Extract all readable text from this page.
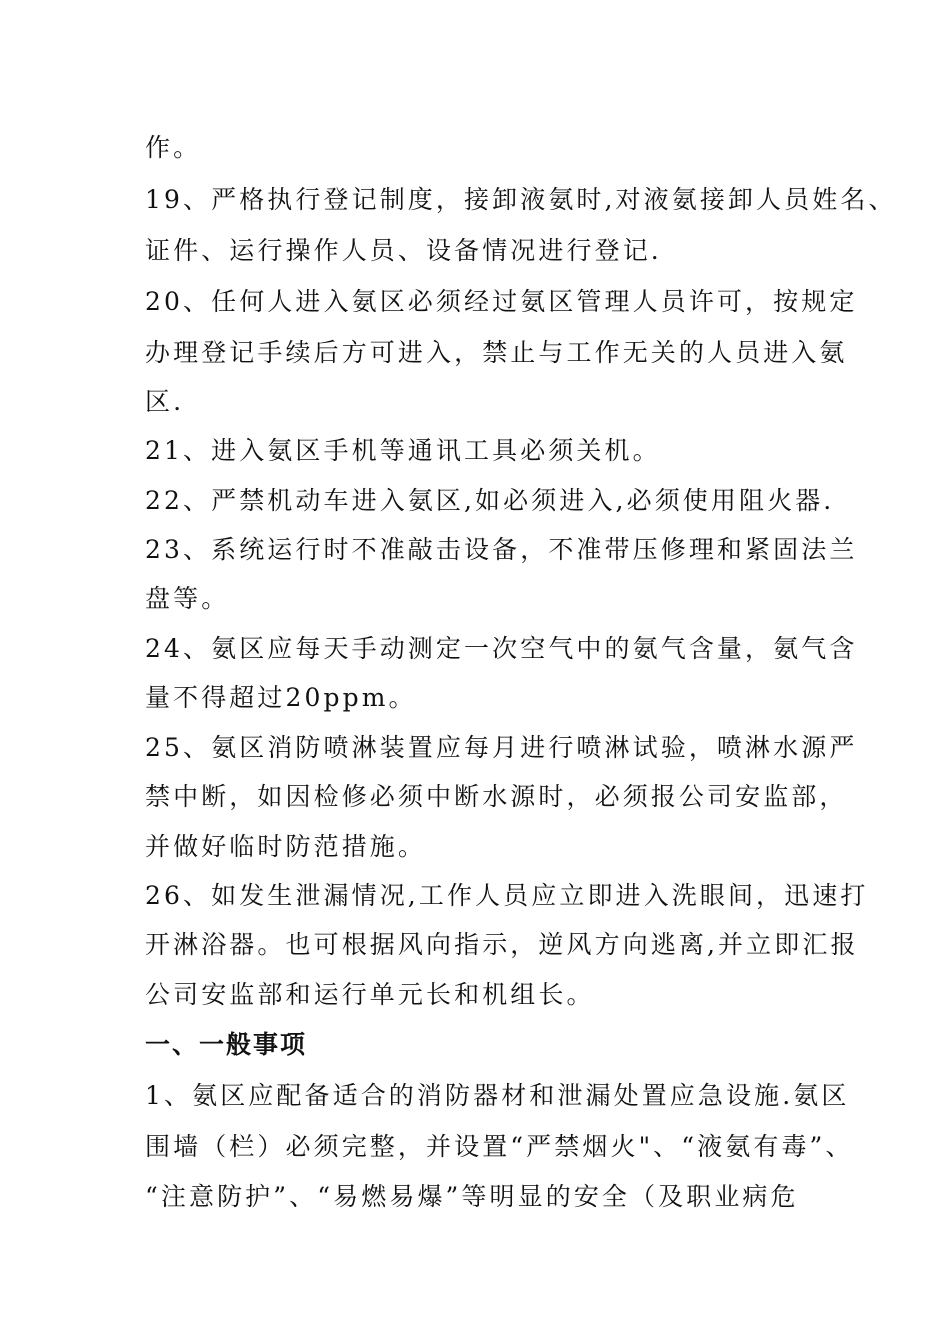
作。
19、严格执行登记制度，接卸液氨时,对液氨接卸人员姓名、
证件、运行操作人员、设备情况进行登记.
20、任何人进入氨区必须经过氨区管理人员许可，按规定
办理登记手续后方可进入，禁止与工作无关的人员进入氨
区.
21、进入氨区手机等通讯工具必须关机。
22、严禁机动车进入氨区,如必须进入,必须使用阻火器.
23、系统运行时不准敲击设备，不准带压修理和紧固法兰
盘等。
24、氨区应每天手动测定一次空气中的氨气含量，氨气含
量不得超过20ppm。
25、氨区消防喷淋装置应每月进行喷淋试验，喷淋水源严
禁中断，如因检修必须中断水源时，必须报公司安监部，
并做好临时防范措施。
26、如发生泄漏情况,工作人员应立即进入洗眼间，迅速打
开淋浴器。也可根据风向指示，逆风方向逃离,并立即汇报
公司安监部和运行单元长和机组长。
一、一般事项
1、氨区应配备适合的消防器材和泄漏处置应急设施.氨区
围墙（栏）必须完整，并设置“严禁烟火"、“液氨有毒”、
“注意防护”、“易燃易爆”等明显的安全（及职业病危
